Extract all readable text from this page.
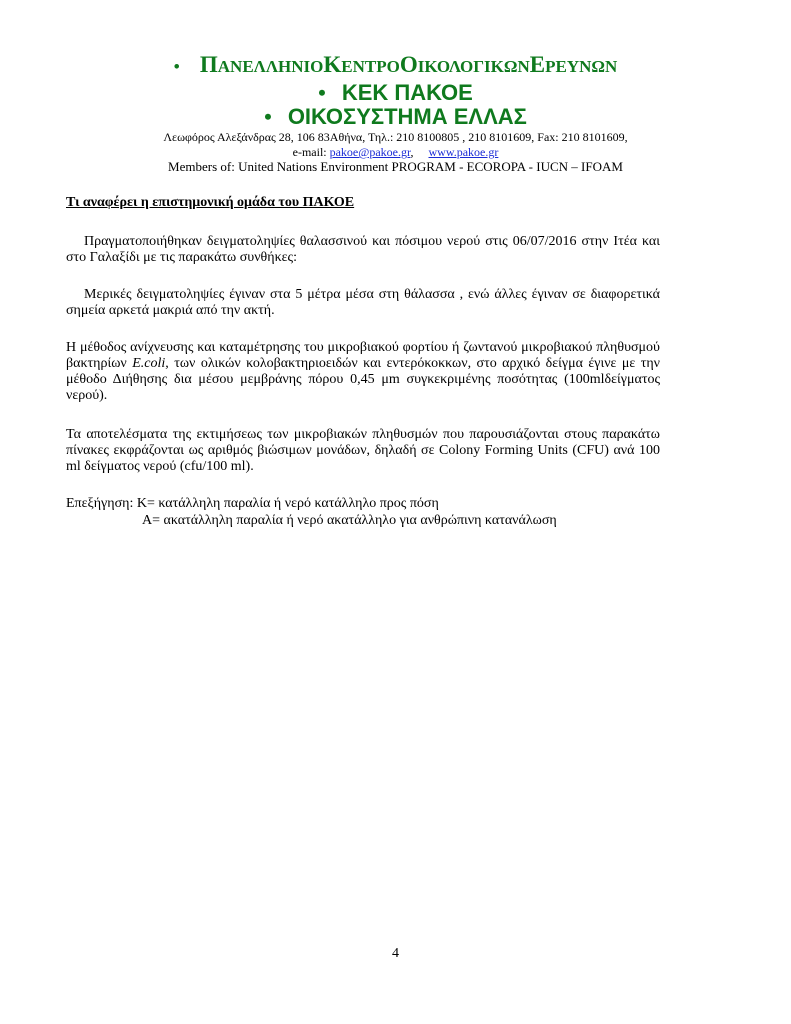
• ΠΑΝΕΛΛΗΝΙΟΚΕΝΤΡΟΟΙΚΟΛΟΓΙΚΩΝΕΡΕΥΝΩΝ
• ΚΕΚ ΠΑΚΟΕ
• ΟΙΚΟΣΥΣΤΗΜΑ ΕΛΛΑΣ
Λεωφόρος Αλεξάνδρας 28, 106 83Αθήνα, Τηλ.: 210 8100805 , 210 8101609, Fax: 210 8101609,
e-mail: pakoe@pakoe.gr,     www.pakoe.gr
Members of: United Nations Environment PROGRAM - ECOROPA - IUCN – IFOAM
Τι αναφέρει η επιστημονική ομάδα του ΠΑΚΟΕ
Πραγματοποιήθηκαν δειγματοληψίες θαλασσινού και πόσιμου νερού στις 06/07/2016 στην Ιτέα και στο Γαλαξίδι με τις παρακάτω συνθήκες:
Μερικές δειγματοληψίες έγιναν στα 5 μέτρα μέσα στη θάλασσα , ενώ άλλες έγιναν σε διαφορετικά σημεία αρκετά μακριά από την ακτή.
Η μέθοδος ανίχνευσης και καταμέτρησης του μικροβιακού φορτίου ή ζωντανού μικροβιακού πληθυσμού βακτηρίων E.coli, των ολικών κολοβακτηριοειδών και εντερόκοκκων, στο αρχικό δείγμα έγινε με την μέθοδο Διήθησης δια μέσου μεμβράνης πόρου 0,45 μm συγκεκριμένης ποσότητας (100mlδείγματος νερού).
Τα αποτελέσματα της εκτιμήσεως των μικροβιακών πληθυσμών που παρουσιάζονται στους παρακάτω πίνακες εκφράζονται ως αριθμός βιώσιμων μονάδων, δηλαδή σε Colony Forming Units (CFU) ανά 100 ml δείγματος νερού (cfu/100 ml).
Επεξήγηση: Κ= κατάλληλη παραλία ή νερό κατάλληλο προς πόση
Α= ακατάλληλη παραλία ή νερό ακατάλληλο για ανθρώπινη κατανάλωση
4
